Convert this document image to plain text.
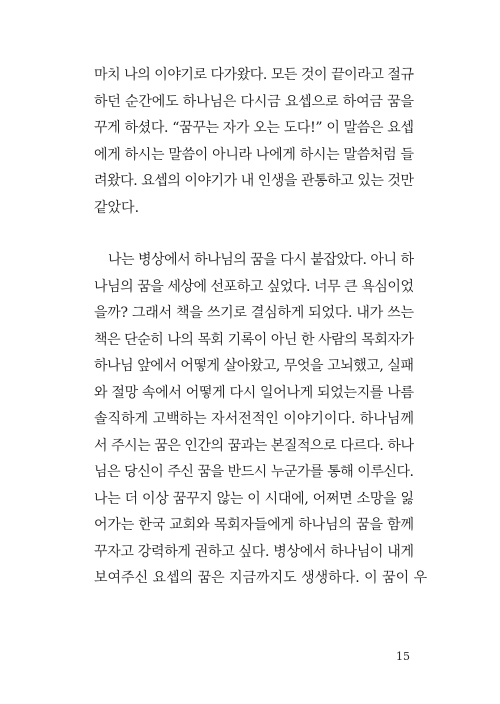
마치 나의 이야기로 다가왔다. 모든 것이 끝이라고 절규

하던 순간에도 하나님은 다시금 요셉으로 하여금 꿈을

꾸게 하셨다. “꿈꾸는 자가 오는 도다!” 이 말씀은 요셉

에게 하시는 말씀이 아니라 나에게 하시는 말씀처럼 들

려왔다. 요셉의 이야기가 내 인생을 관통하고 있는 것만

같았다.

나는 병상에서 하나님의 꿈을 다시 붙잡았다. 아니 하

나님의 꿈을 세상에 선포하고 싶었다. 너무 큰 욕심이었

을까? 그래서 책을 쓰기로 결심하게 되었다. 내가 쓰는

책은 단순히 나의 목회 기록이 아닌 한 사람의 목회자가

하나님 앞에서 어떻게 살아왔고, 무엇을 고뇌했고, 실패

와 절망 속에서 어떻게 다시 일어나게 되었는지를 나름

솔직하게 고백하는 자서전적인 이야기이다. 하나님께

서 주시는 꿈은 인간의 꿈과는 본질적으로 다르다. 하나

님은 당신이 주신 꿈을 반드시 누군가를 통해 이루신다.

나는 더 이상 꿈꾸지 않는 이 시대에, 어쩌면 소망을 잃

어가는 한국 교회와 목회자들에게 하나님의 꿈을 함께

꾸자고 강력하게 권하고 싶다. 병상에서 하나님이 내게

보여주신 요셉의 꿈은 지금까지도 생생하다. 이 꿈이 우

15
